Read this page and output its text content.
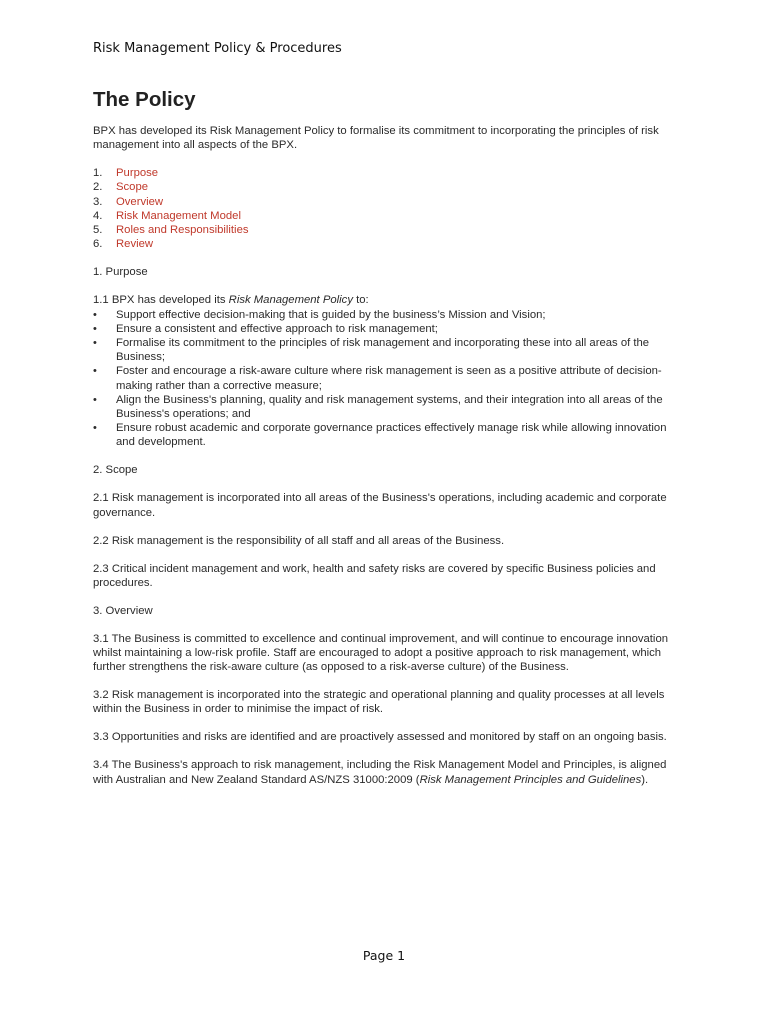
Risk Management Policy & Procedures
The Policy

BPX has developed its Risk Management Policy to formalise its commitment to incorporating the principles of risk management into all aspects of the BPX.

1.	Purpose
2.	Scope
3.	Overview
4.	Risk Management Model
5.	Roles and Responsibilities
6.	Review
1. Purpose

1.1 BPX has developed its Risk Management Policy to:

•
Support effective decision-making that is guided by the business’s Mission and Vision;
•
Ensure a consistent and effective approach to risk management;
•
Formalise its commitment to the principles of risk management and incorporating these into all areas of the Business;
•
Foster and encourage a risk-aware culture where risk management is seen as a positive attribute of decision-making rather than a corrective measure;
•
Align the Business's planning, quality and risk management systems, and their integration into all areas of the Business's operations; and
•
Ensure robust academic and corporate governance practices effectively manage risk while allowing innovation and development.
2. Scope

2.1 Risk management is incorporated into all areas of the Business's operations, including academic and corporate governance.

2.2 Risk management is the responsibility of all staff and all areas of the Business.

2.3 Critical incident management and work, health and safety risks are covered by specific Business policies and procedures.

3. Overview

3.1 The Business is committed to excellence and continual improvement, and will continue to encourage innovation whilst maintaining a low-risk profile. Staff are encouraged to adopt a positive approach to risk management, which further strengthens the risk-aware culture (as opposed to a risk-averse culture) of the Business.

3.2 Risk management is incorporated into the strategic and operational planning and quality processes at all levels within the Business in order to minimise the impact of risk.

3.3 Opportunities and risks are identified and are proactively assessed and monitored by staff on an ongoing basis.

3.4 The Business's approach to risk management, including the Risk Management Model and Principles, is aligned with Australian and New Zealand Standard AS/NZS 31000:2009 (Risk Management Principles and Guidelines).

Page 1
